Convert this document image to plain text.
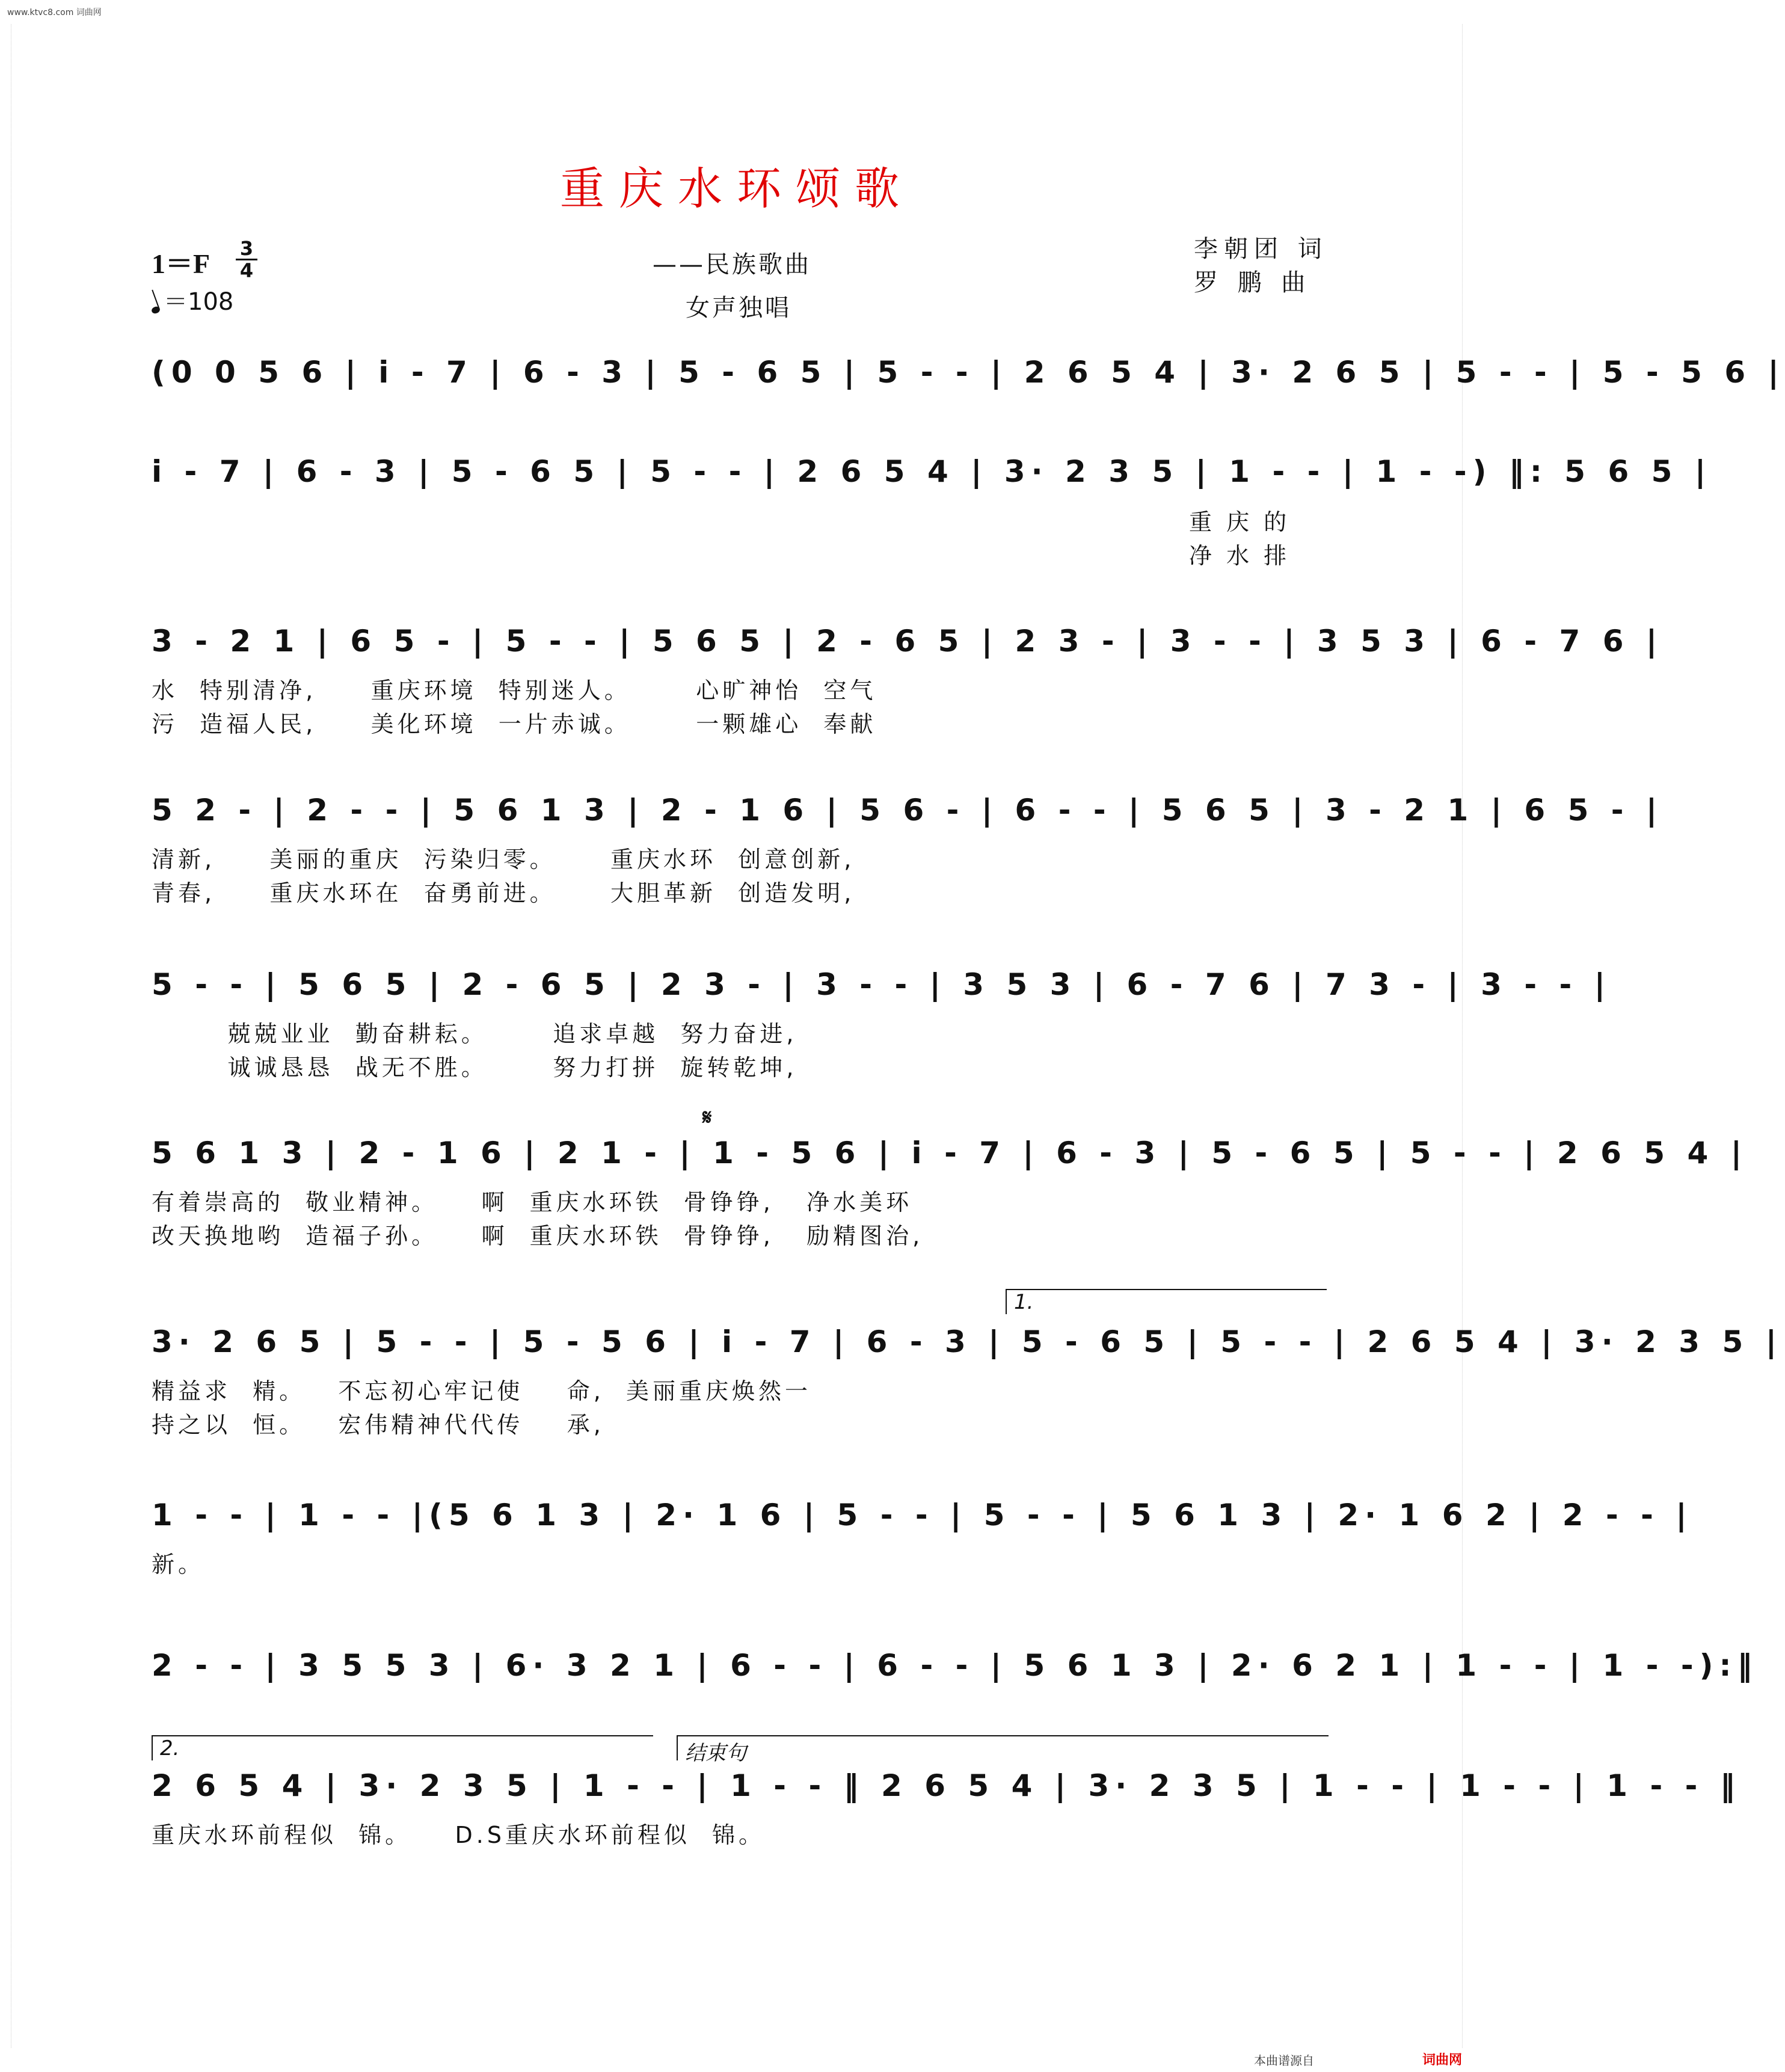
www.ktvc8.com 词曲网
重庆水环颂歌
1＝F 3
4
＝108
——民族歌曲
女声独唱
李朝团 词
罗 鹏 曲
(0 0 5 6 | i - 7 | 6 - 3 | 5 - 6 5 | 5 - - | 2 6 5 4 | 3· 2 6 5 | 5 - - | 5 - 5 6 |
i - 7 | 6 - 3 | 5 - 6 5 | 5 - - | 2 6 5 4 | 3· 2 3 5 | 1 - - | 1 - -) ‖: 5 6 5 |
重 庆 的
净 水 排
3 - 2 1 | 6 5 - | 5 - - | 5 6 5 | 2 - 6 5 | 2 3 - | 3 - - | 3 5 3 | 6 - 7 6 |
水  特别清净,     重庆环境  特别迷人。      心旷神怡  空气
污  造福人民,     美化环境  一片赤诚。      一颗雄心  奉献
5 2 - | 2 - - | 5 6 1 3 | 2 - 1 6 | 5 6 - | 6 - - | 5 6 5 | 3 - 2 1 | 6 5 - |
清新,     美丽的重庆  污染归零。     重庆水环  创意创新,
青春,     重庆水环在  奋勇前进。     大胆革新  创造发明,
5 - - | 5 6 5 | 2 - 6 5 | 2 3 - | 3 - - | 3 5 3 | 6 - 7 6 | 7 3 - | 3 - - |
兢兢业业  勤奋耕耘。      追求卓越  努力奋进,
诚诚恳恳  战无不胜。      努力打拼  旋转乾坤,
𝄋
5 6 1 3 | 2 - 1 6 | 2 1 - | 1 - 5 6 | i - 7 | 6 - 3 | 5 - 6 5 | 5 - - | 2 6 5 4 |
有着崇高的  敬业精神。    啊  重庆水环铁  骨铮铮,   净水美环
改天换地哟  造福子孙。    啊  重庆水环铁  骨铮铮,   励精图治,
1.
3· 2 6 5 | 5 - - | 5 - 5 6 | i - 7 | 6 - 3 | 5 - 6 5 | 5 - - | 2 6 5 4 | 3· 2 3 5 |
精益求  精。   不忘初心牢记使    命,  美丽重庆焕然一
持之以  恒。   宏伟精神代代传    承,
1 - - | 1 - - |(5 6 1 3 | 2· 1 6 | 5 - - | 5 - - | 5 6 1 3 | 2· 1 6 2 | 2 - - |
新。
2 - - | 3 5 5 3 | 6· 3 2 1 | 6 - - | 6 - - | 5 6 1 3 | 2· 6 2 1 | 1 - - | 1 - -):‖
2.	结束句
2 6 5 4 | 3· 2 3 5 | 1 - - | 1 - - ‖ 2 6 5 4 | 3· 2 3 5 | 1 - - | 1 - - | 1 - - ‖
重庆水环前程似  锦。    D.S重庆水环前程似  锦。
本曲谱源自	词曲网
